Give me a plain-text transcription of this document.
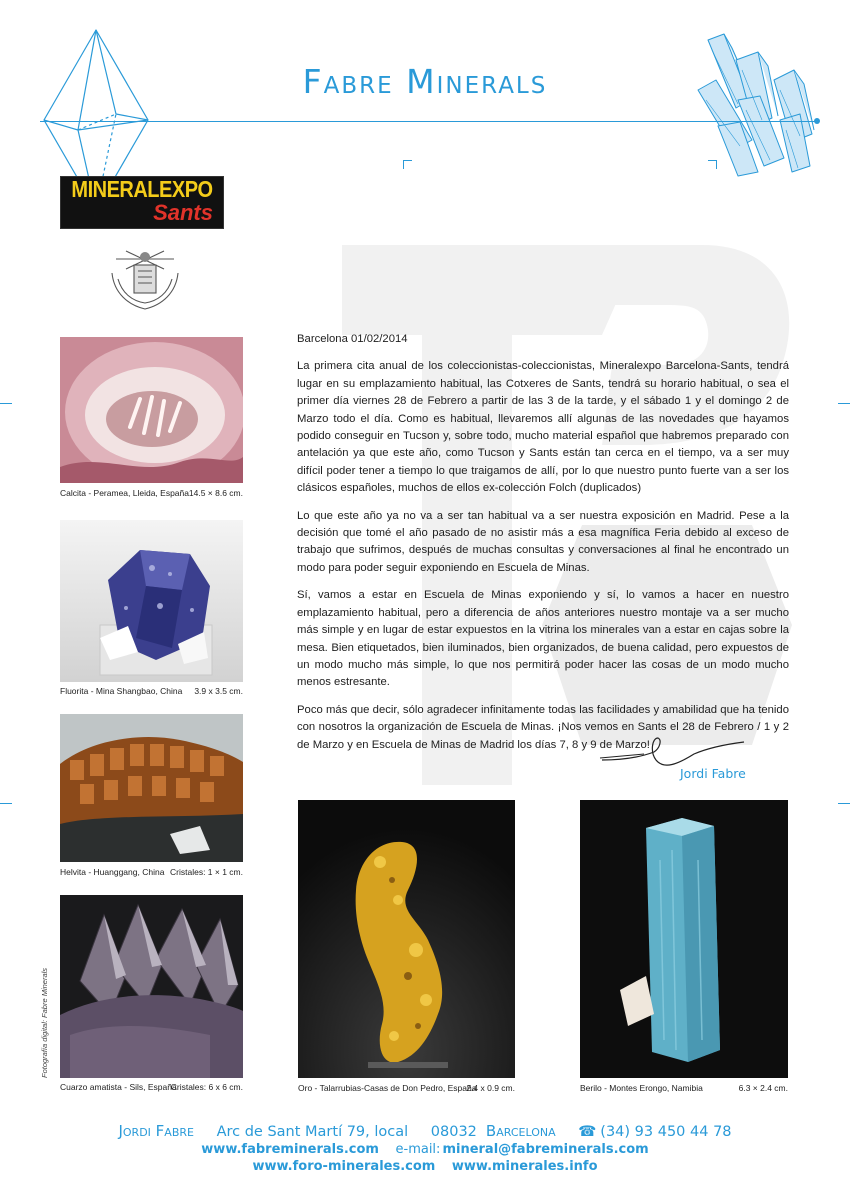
Fabre Minerals
MINERALEXPO
Sants
Calcita - Peramea, Lleida, España 14.5 × 8.6 cm.
Fluorita - Mina Shangbao, China 3.9 x 3.5 cm.
Helvita - Huanggang, China Cristales: 1 × 1 cm.
Cuarzo amatista - Sils, España
Cristales: 6 x 6 cm.
Fotografía digital: Fabre Minerals

Barcelona 01/02/2014

La primera cita anual de los coleccionistas-coleccionistas, Mineralexpo Barcelona-Sants, tendrá lugar en su emplazamiento habitual, las Cotxeres de Sants, tendrá su horario habitual, o sea el primer día viernes 28 de Febrero a partir de las 3 de la tarde, y el sábado 1 y el domingo 2 de Marzo todo el día. Como es habitual, llevaremos allí algunas de las novedades que hayamos podido conseguir en Tucson y, sobre todo, mucho material español que habremos preparado con antelación ya que este año, como Tucson y Sants están tan cerca en el tiempo, va a ser muy difícil poder tener a tiempo lo que traigamos de allí, por lo que nuestro punto fuerte van a ser los clásicos españoles, muchos de ellos ex-colección Folch (duplicados)

Lo que este año ya no va a ser tan habitual va a ser nuestra exposición en Madrid. Pese a la decisión que tomé el año pasado de no asistir más a esa magnífica Feria debido al exceso de trabajo que sufrimos, después de muchas consultas y conversaciones al final he encontrado un modo para poder seguir exponiendo en Escuela de Minas.

Sí, vamos a estar en Escuela de Minas exponiendo y sí, lo vamos a hacer en nuestro emplazamiento habitual, pero a diferencia de años anteriores nuestro montaje va a ser mucho más simple y en lugar de estar expuestos en la vitrina los minerales van a estar en cajas sobre la mesa. Bien etiquetados, bien iluminados, bien organizados, de buena calidad, pero expuestos de un modo mucho más simple, lo que nos permitirá poder hacer las cosas de un modo mucho menos estresante.

Poco más que decir, sólo agradecer infinitamente todas las facilidades y amabilidad que ha tenido con nosotros la organización de Escuela de Minas. ¡Nos vemos en Sants el 28 de Febrero / 1 y 2 de Marzo y en Escuela de Minas de Madrid los días 7, 8 y 9 de Marzo!

Jordi Fabre
Oro - Talarrubias-Casas de Don Pedro, España
2.4 x 0.9 cm.	Berilo - Montes Erongo, Namibia	6.3 × 2.4 cm.
Jordi Fabre Arc de Sant Martí 79, local 08032 Barcelona ☎ (34) 93 450 44 78
www.fabreminerals.com e-mail: mineral@fabreminerals.com
www.foro-minerales.com www.minerales.info
